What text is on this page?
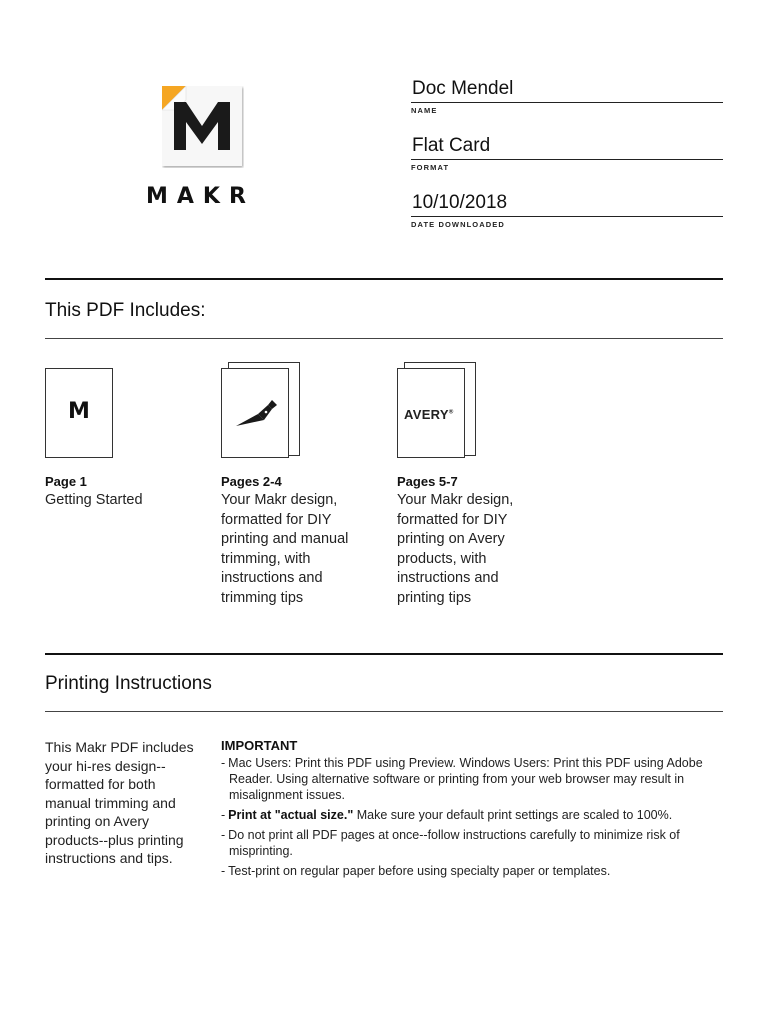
MAKR
Doc Mendel
NAME
Flat Card
FORMAT
10/10/2018
DATE DOWNLOADED
This PDF Includes:
M
Page 1
Getting Started
Pages 2-4
Your Makr design, formatted for DIY printing and manual trimming, with instructions and trimming tips
AVERY®
Pages 5-7
Your Makr design, formatted for DIY printing on Avery products, with instructions and printing tips
Printing Instructions
This Makr PDF includes your hi-res design--formatted for both manual trimming and printing on Avery products--plus printing instructions and tips.
IMPORTANT
- Mac Users: Print this PDF using Preview. Windows Users: Print this PDF using Adobe Reader. Using alternative software or printing from your web browser may result in misalignment issues.
- Print at "actual size." Make sure your default print settings are scaled to 100%.
- Do not print all PDF pages at once--follow instructions carefully to minimize risk of misprinting.
- Test-print on regular paper before using specialty paper or templates.
